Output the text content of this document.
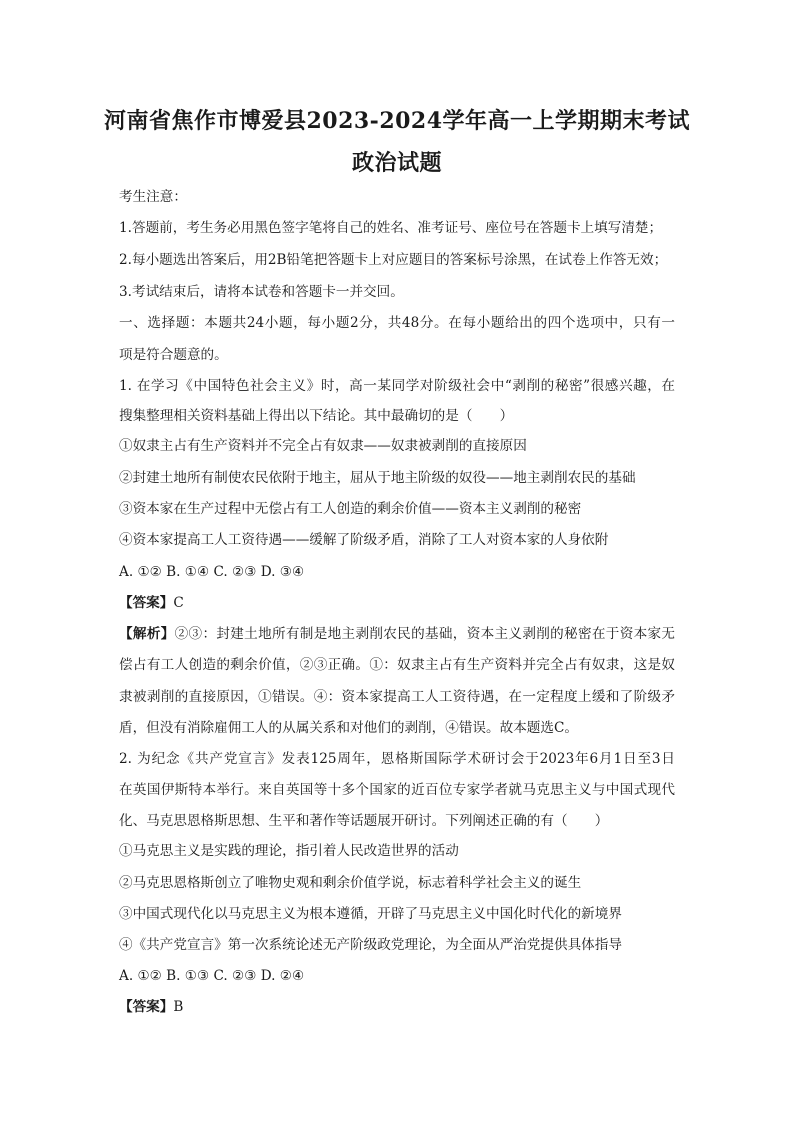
河南省焦作市博爱县2023-2024学年高一上学期期末考试
政治试题
考生注意：
1.答题前，考生务必用黑色签字笔将自己的姓名、准考证号、座位号在答题卡上填写清楚；
2.每小题选出答案后，用2B铅笔把答题卡上对应题目的答案标号涂黑，在试卷上作答无效；
3.考试结束后，请将本试卷和答题卡一并交回。
一、选择题：本题共24小题，每小题2分，共48分。在每小题给出的四个选项中，只有一
项是符合题意的。
1. 在学习《中国特色社会主义》时，高一某同学对阶级社会中“剥削的秘密”很感兴趣，在
搜集整理相关资料基础上得出以下结论。其中最确切的是（　　）
①奴隶主占有生产资料并不完全占有奴隶——奴隶被剥削的直接原因
②封建土地所有制使农民依附于地主，屈从于地主阶级的奴役——地主剥削农民的基础
③资本家在生产过程中无偿占有工人创造的剩余价值——资本主义剥削的秘密
④资本家提高工人工资待遇——缓解了阶级矛盾，消除了工人对资本家的人身依附
A. ①② B. ①④ C. ②③ D. ③④
【答案】C
【解析】②③：封建土地所有制是地主剥削农民的基础，资本主义剥削的秘密在于资本家无
偿占有工人创造的剩余价值，②③正确。①：奴隶主占有生产资料并完全占有奴隶，这是奴
隶被剥削的直接原因，①错误。④：资本家提高工人工资待遇，在一定程度上缓和了阶级矛
盾，但没有消除雇佣工人的从属关系和对他们的剥削，④错误。故本题选C。
2. 为纪念《共产党宣言》发表125周年，恩格斯国际学术研讨会于2023年6月1日至3日
在英国伊斯特本举行。来自英国等十多个国家的近百位专家学者就马克思主义与中国式现代
化、马克思恩格斯思想、生平和著作等话题展开研讨。下列阐述正确的有（　　）
①马克思主义是实践的理论，指引着人民改造世界的活动
②马克思恩格斯创立了唯物史观和剩余价值学说，标志着科学社会主义的诞生
③中国式现代化以马克思主义为根本遵循，开辟了马克思主义中国化时代化的新境界
④《共产党宣言》第一次系统论述无产阶级政党理论，为全面从严治党提供具体指导
A. ①② B. ①③ C. ②③ D. ②④
【答案】B
